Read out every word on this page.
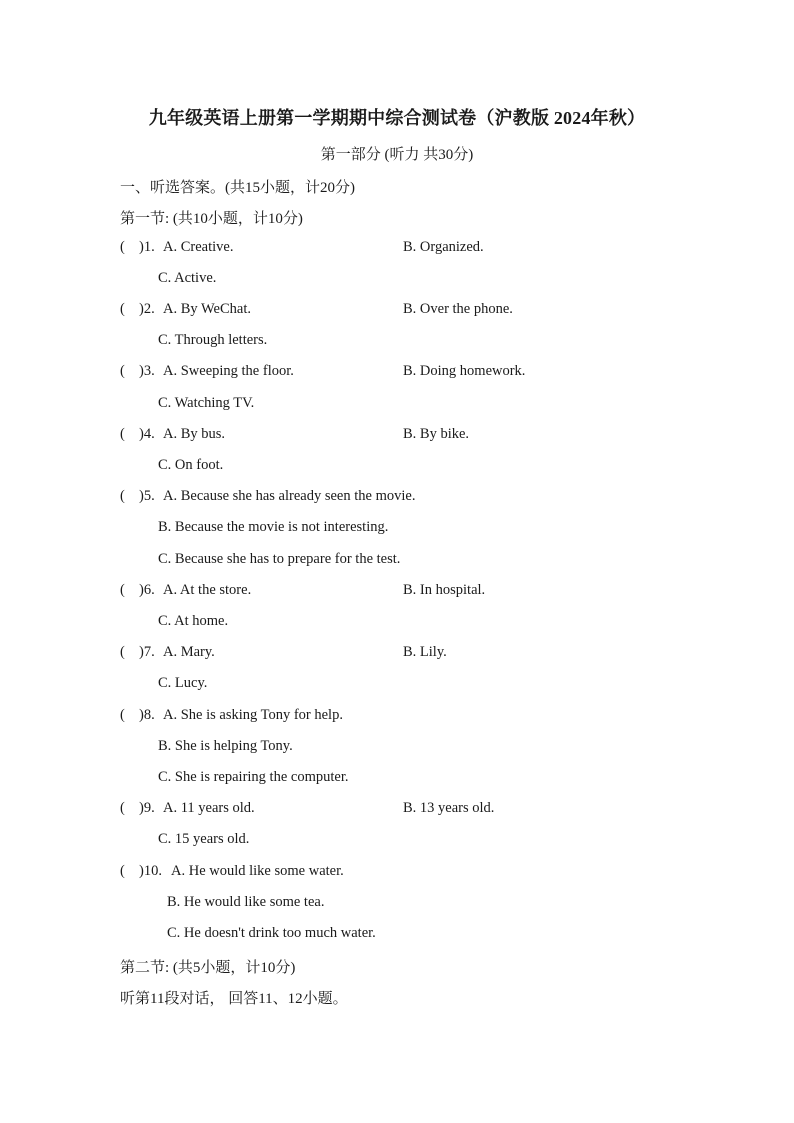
九年级英语上册第一学期期中综合测试卷（沪教版 2024年秋）
第一部分 (听力 共30分)
一、听选答案。(共15小题，计20分)
第一节: (共10小题，计10分)
( )1. A. Creative.	B. Organized.
C. Active.
( )2. A. By WeChat.	B. Over the phone.
C. Through letters.
( )3. A. Sweeping the floor.	B. Doing homework.
C. Watching TV.
( )4. A. By bus.	B. By bike.
C. On foot.
( )5. A. Because she has already seen the movie.
B. Because the movie is not interesting.
C. Because she has to prepare for the test.
( )6. A. At the store.	B. In hospital.
C. At home.
( )7. A. Mary.	B. Lily.
C. Lucy.
( )8. A. She is asking Tony for help.
B. She is helping Tony.
C. She is repairing the computer.
( )9. A. 11 years old.	B. 13 years old.
C. 15 years old.
( )10. A. He would like some water.
B. He would like some tea.
C. He doesn't drink too much water.
第二节: (共5小题，计10分)
听第11段对话， 回答11、12小题。
